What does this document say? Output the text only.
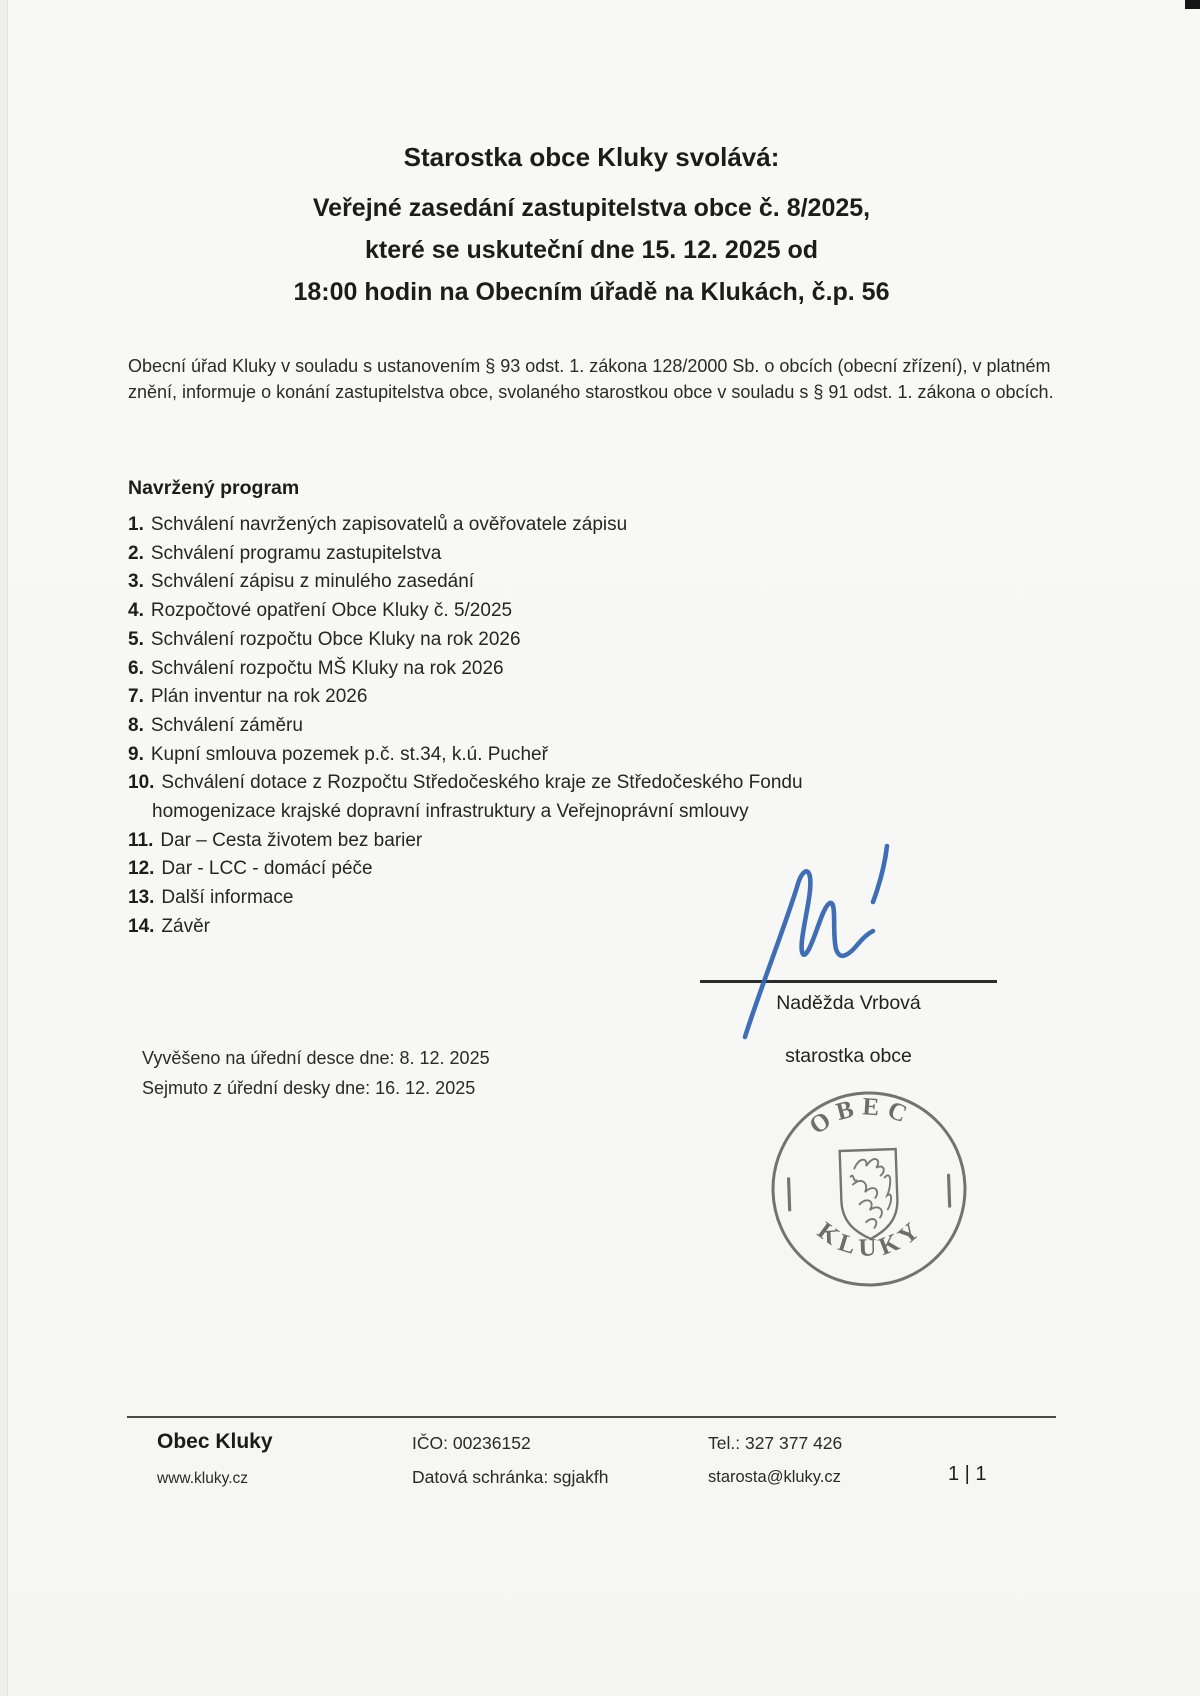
Starostka obce Kluky svolává:

Veřejné zasedání zastupitelstva obce č. 8/2025,

které se uskuteční dne 15. 12. 2025 od

18:00 hodin na Obecním úřadě na Klukách, č.p. 56

Obecní úřad Kluky v souladu s ustanovením § 93 odst. 1. zákona 128/2000 Sb. o obcích (obecní zřízení), v platném znění, informuje o konání zastupitelstva obce, svolaného starostkou obce v souladu s § 91 odst. 1. zákona o obcích.

Navržený program

1. Schválení navržených zapisovatelů a ověřovatele zápisu
2. Schválení programu zastupitelstva
3. Schválení zápisu z minulého zasedání
4. Rozpočtové opatření Obce Kluky č. 5/2025
5. Schválení rozpočtu Obce Kluky na rok 2026
6. Schválení rozpočtu MŠ Kluky na rok 2026
7. Plán inventur na rok 2026
8. Schválení záměru
9. Kupní smlouva pozemek p.č. st.34, k.ú. Pucheř
10. Schválení dotace z Rozpočtu Středočeského kraje ze Středočeského Fondu
homogenizace krajské dopravní infrastruktury a Veřejnoprávní smlouvy
11. Dar – Cesta životem bez barier
12. Dar - LCC - domácí péče
13. Další informace
14. Závěr
Naděžda Vrbová
starostka obce
Vyvěšeno na úřední desce dne: 8. 12. 2025
Sejmuto z úřední desky dne: 16. 12. 2025
OBEC
KLUKY
Obec Kluky	IČO: 00236152	Tel.: 327 377 426
www.kluky.cz	Datová schránka: sgjakfh	starosta@kluky.cz	1 | 1
